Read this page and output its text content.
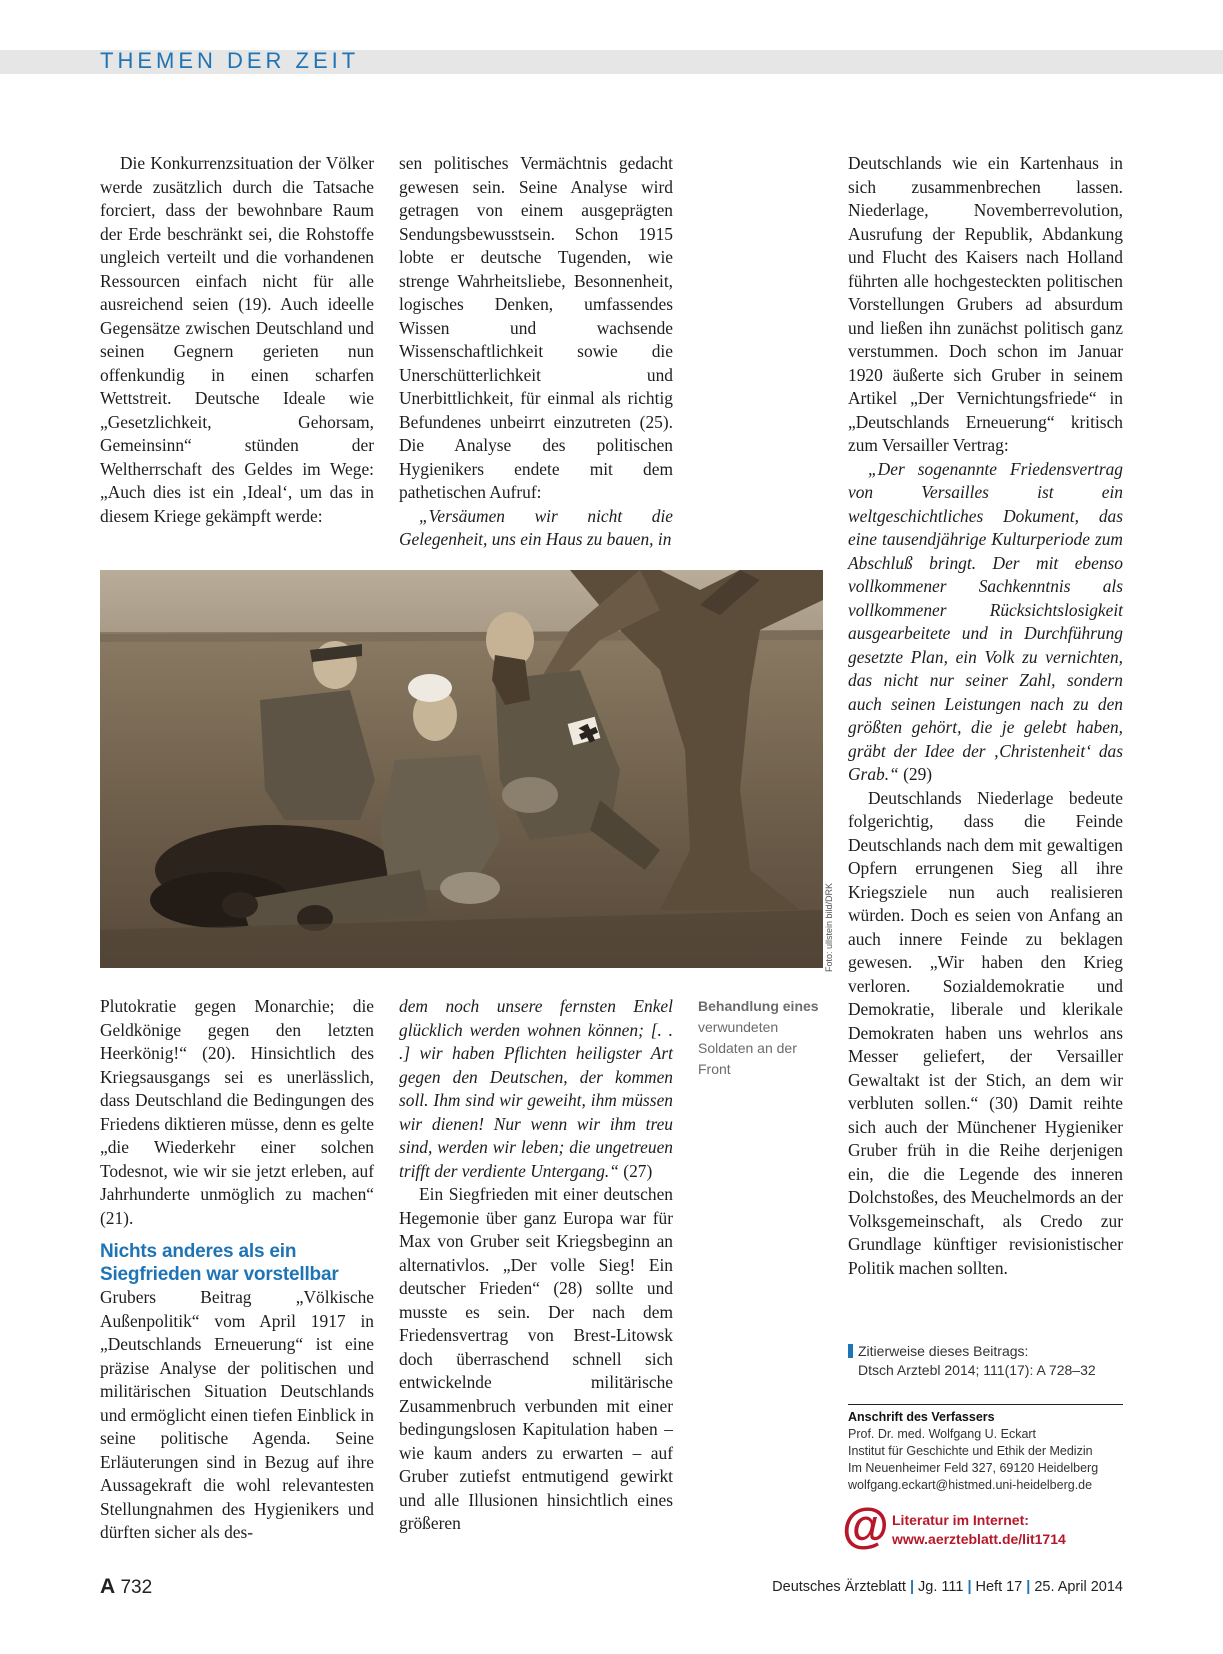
THEMEN DER ZEIT

Die Konkurrenzsituation der Völker werde zusätzlich durch die Tatsache forciert, dass der bewohnbare Raum der Erde beschränkt sei, die Rohstoffe ungleich verteilt und die vorhandenen Ressourcen einfach nicht für alle ausreichend seien (19). Auch ideelle Gegensätze zwischen Deutschland und seinen Gegnern gerieten nun offenkundig in einen scharfen Wettstreit. Deutsche Ideale wie „Gesetzlichkeit, Gehorsam, Gemeinsinn“ stünden der Weltherrschaft des Geldes im Wege: „Auch dies ist ein ‚Ideal‘, um das in diesem Kriege gekämpft werde:

sen politisches Vermächtnis gedacht gewesen sein. Seine Analyse wird getragen von einem ausgeprägten Sendungsbewusstsein. Schon 1915 lobte er deutsche Tugenden, wie strenge Wahrheitsliebe, Besonnenheit, logisches Denken, umfassendes Wissen und wachsende Wissenschaftlichkeit sowie die Unerschütterlichkeit und Unerbittlichkeit, für einmal als richtig Befundenes unbeirrt einzutreten (25). Die Analyse des politischen Hygienikers endete mit dem pathetischen Aufruf:

„Versäumen wir nicht die Gelegenheit, uns ein Haus zu bauen, in

Deutschlands wie ein Kartenhaus in sich zusammenbrechen lassen. Niederlage, Novemberrevolution, Ausrufung der Republik, Abdankung und Flucht des Kaisers nach Holland führten alle hochgesteckten politischen Vorstellungen Grubers ad absurdum und ließen ihn zunächst politisch ganz verstummen. Doch schon im Januar 1920 äußerte sich Gruber in seinem Artikel „Der Vernichtungsfriede“ in „Deutschlands Erneuerung“ kritisch zum Versailler Vertrag:

„Der sogenannte Friedensvertrag von Versailles ist ein weltgeschichtliches Dokument, das eine tausendjährige Kulturperiode zum Abschluß bringt. Der mit ebenso vollkommener Sachkenntnis als vollkommener Rücksichtslosigkeit ausgearbeitete und in Durchführung gesetzte Plan, ein Volk zu vernichten, das nicht nur seiner Zahl, sondern auch seinen Leistungen nach zu den größten gehört, die je gelebt haben, gräbt der Idee der ‚Christenheit‘ das Grab.“ (29)

Deutschlands Niederlage bedeute folgerichtig, dass die Feinde Deutschlands nach dem mit gewaltigen Opfern errungenen Sieg all ihre Kriegsziele nun auch realisieren würden. Doch es seien von Anfang an auch innere Feinde zu beklagen gewesen. „Wir haben den Krieg verloren. Sozialdemokratie und Demokratie, liberale und klerikale Demokraten haben uns wehrlos ans Messer geliefert, der Versailler Gewaltakt ist der Stich, an dem wir verbluten sollen.“ (30) Damit reihte sich auch der Münchener Hygieniker Gruber früh in die Reihe derjenigen ein, die die Legende des inneren Dolchstoßes, des Meuchelmords an der Volksgemeinschaft, als Credo zur Grundlage künftiger revisionistischer Politik machen sollten.

Foto: ullstein bild/DRK
Behandlung eines
verwundeten Soldaten an der Front

Plutokratie gegen Monarchie; die Geldkönige gegen den letzten Heerkönig!“ (20). Hinsichtlich des Kriegsausgangs sei es unerlässlich, dass Deutschland die Bedingungen des Friedens diktieren müsse, denn es gelte „die Wiederkehr einer solchen Todesnot, wie wir sie jetzt erleben, auf Jahrhunderte unmöglich zu machen“ (21).

Nichts anderes als ein Siegfrieden war vorstellbar

Grubers Beitrag „Völkische Außenpolitik“ vom April 1917 in „Deutschlands Erneuerung“ ist eine präzise Analyse der politischen und militärischen Situation Deutschlands und ermöglicht einen tiefen Einblick in seine politische Agenda. Seine Erläuterungen sind in Bezug auf ihre Aussagekraft die wohl relevantesten Stellungnahmen des Hygienikers und dürften sicher als des-

dem noch unsere fernsten Enkel glücklich werden wohnen können; [. . .] wir haben Pflichten heiligster Art gegen den Deutschen, der kommen soll. Ihm sind wir geweiht, ihm müssen wir dienen! Nur wenn wir ihm treu sind, werden wir leben; die ungetreuen trifft der verdiente Untergang.“ (27)

Ein Siegfrieden mit einer deutschen Hegemonie über ganz Europa war für Max von Gruber seit Kriegsbeginn an alternativlos. „Der volle Sieg! Ein deutscher Frieden“ (28) sollte und musste es sein. Der nach dem Friedensvertrag von Brest-Litowsk doch überraschend schnell sich entwickelnde militärische Zusammenbruch verbunden mit einer bedingungslosen Kapitulation haben – wie kaum anders zu erwarten – auf Gruber zutiefst entmutigend gewirkt und alle Illusionen hinsichtlich eines größeren

Zitierweise dieses Beitrags:
Dtsch Arztebl 2014; 111(17): A 728–32
Anschrift des Verfassers
Prof. Dr. med. Wolfgang U. Eckart
Institut für Geschichte und Ethik der Medizin
Im Neuenheimer Feld 327, 69120 Heidelberg
wolfgang.eckart@histmed.uni-heidelberg.de
@ Literatur im Internet:
www.aerzteblatt.de/lit1714
A 732	Deutsches Ärzteblatt | Jg. 111 | Heft 17 | 25. April 2014
